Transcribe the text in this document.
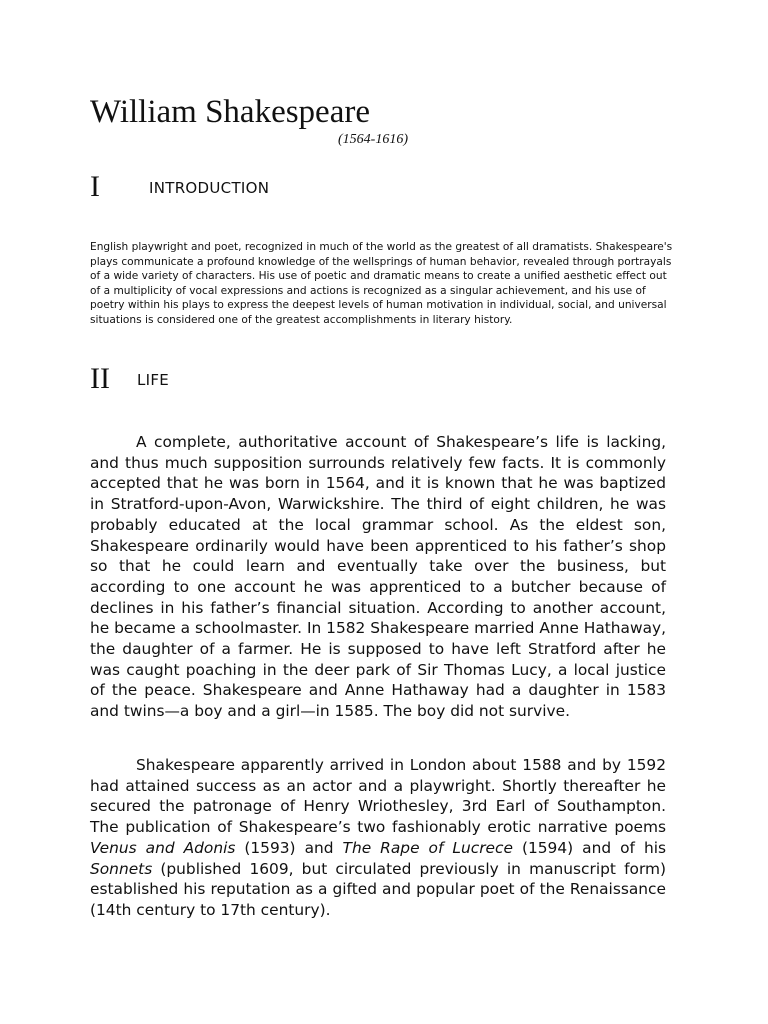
William Shakespeare
(1564-1616)
I	INTRODUCTION

English playwright and poet, recognized in much of the world as the greatest of all dramatists. Shakespeare's plays communicate a profound knowledge of the wellsprings of human behavior, revealed through portrayals of a wide variety of characters. His use of poetic and dramatic means to create a unified aesthetic effect out of a multiplicity of vocal expressions and actions is recognized as a singular achievement, and his use of poetry within his plays to express the deepest levels of human motivation in individual, social, and universal situations is considered one of the greatest accomplishments in literary history.

II LIFE

A complete, authoritative account of Shakespeare’s life is lacking, and thus much supposition surrounds relatively few facts. It is commonly accepted that he was born in 1564, and it is known that he was baptized in Stratford-upon-Avon, Warwickshire. The third of eight children, he was probably educated at the local grammar school. As the eldest son, Shakespeare ordinarily would have been apprenticed to his father’s shop so that he could learn and eventually take over the business, but according to one account he was apprenticed to a butcher because of declines in his father’s financial situation. According to another account, he became a schoolmaster. In 1582 Shakespeare married Anne Hathaway, the daughter of a farmer. He is supposed to have left Stratford after he was caught poaching in the deer park of Sir Thomas Lucy, a local justice of the peace. Shakespeare and Anne Hathaway had a daughter in 1583 and twins—a boy and a girl—in 1585. The boy did not survive.

Shakespeare apparently arrived in London about 1588 and by 1592 had attained success as an actor and a playwright. Shortly thereafter he secured the patronage of Henry Wriothesley, 3rd Earl of Southampton. The publication of Shakespeare’s two fashionably erotic narrative poems Venus and Adonis (1593) and The Rape of Lucrece (1594) and of his Sonnets (published 1609, but circulated previously in manuscript form) established his reputation as a gifted and popular poet of the Renaissance (14th century to 17th century).
